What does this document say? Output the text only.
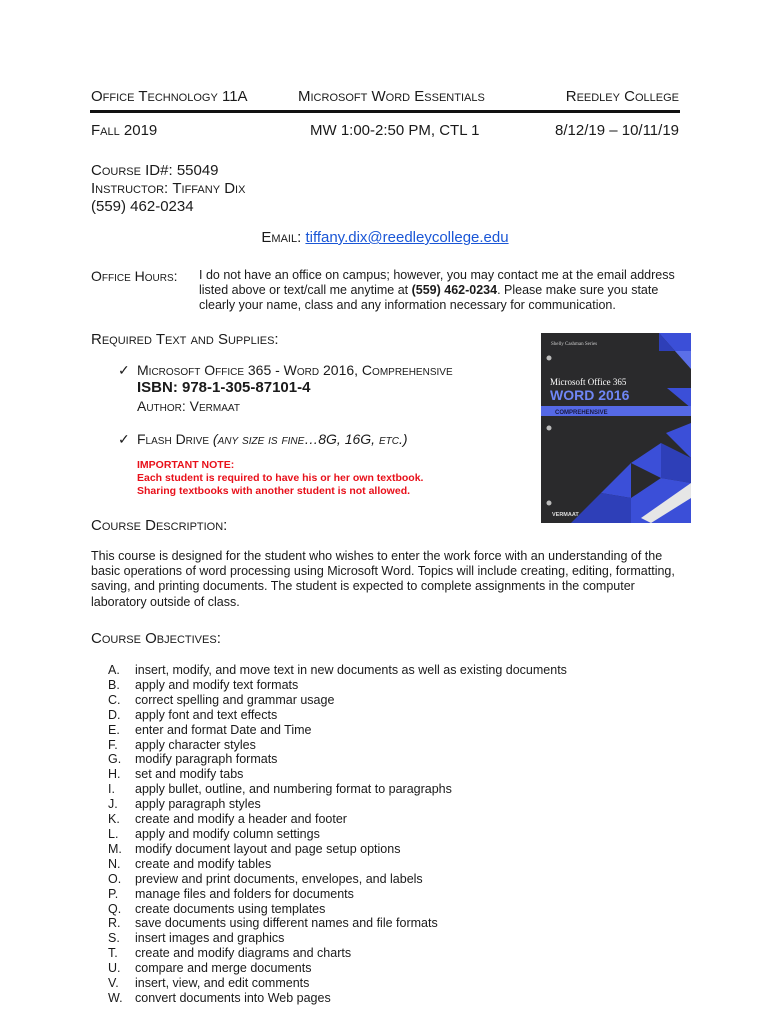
Office Technology 11A	Microsoft Word Essentials	Reedley College
Fall 2019	MW 1:00-2:50 PM, CTL 1	8/12/19 – 10/11/19
Course ID#: 55049
Instructor: Tiffany Dix
(559) 462-0234
Email: tiffany.dix@reedleycollege.edu
Office Hours: I do not have an office on campus; however, you may contact me at the email address listed above or text/call me anytime at (559) 462-0234. Please make sure you state clearly your name, class and any information necessary for communication.
Required Text and Supplies:
✓ Microsoft Office 365 - Word 2016, Comprehensive
ISBN: 978-1-305-87101-4
Author: Vermaat
✓ Flash Drive (any size is fine…8G, 16G, etc.)
IMPORTANT NOTE:
Each student is required to have his or her own textbook.
Sharing textbooks with another student is not allowed.
Shelly Cashman Series
Microsoft Office 365
WORD 2016
COMPREHENSIVE
VERMAAT
Course Description:
This course is designed for the student who wishes to enter the work force with an understanding of the basic operations of word processing using Microsoft Word. Topics will include creating, editing, formatting, saving, and printing documents. The student is expected to complete assignments in the computer laboratory outside of class.
Course Objectives:
A.	insert, modify, and move text in new documents as well as existing documents
B.	apply and modify text formats
C.	correct spelling and grammar usage
D.	apply font and text effects
E.	enter and format Date and Time
F.	apply character styles
G.	modify paragraph formats
H.	set and modify tabs
I.	apply bullet, outline, and numbering format to paragraphs
J.	apply paragraph styles
K.	create and modify a header and footer
L.	apply and modify column settings
M.	modify document layout and page setup options
N.	create and modify tables
O.	preview and print documents, envelopes, and labels
P.	manage files and folders for documents
Q.	create documents using templates
R.	save documents using different names and file formats
S.	insert images and graphics
T.	create and modify diagrams and charts
U.	compare and merge documents
V.	insert, view, and edit comments
W. convert documents into Web pages
